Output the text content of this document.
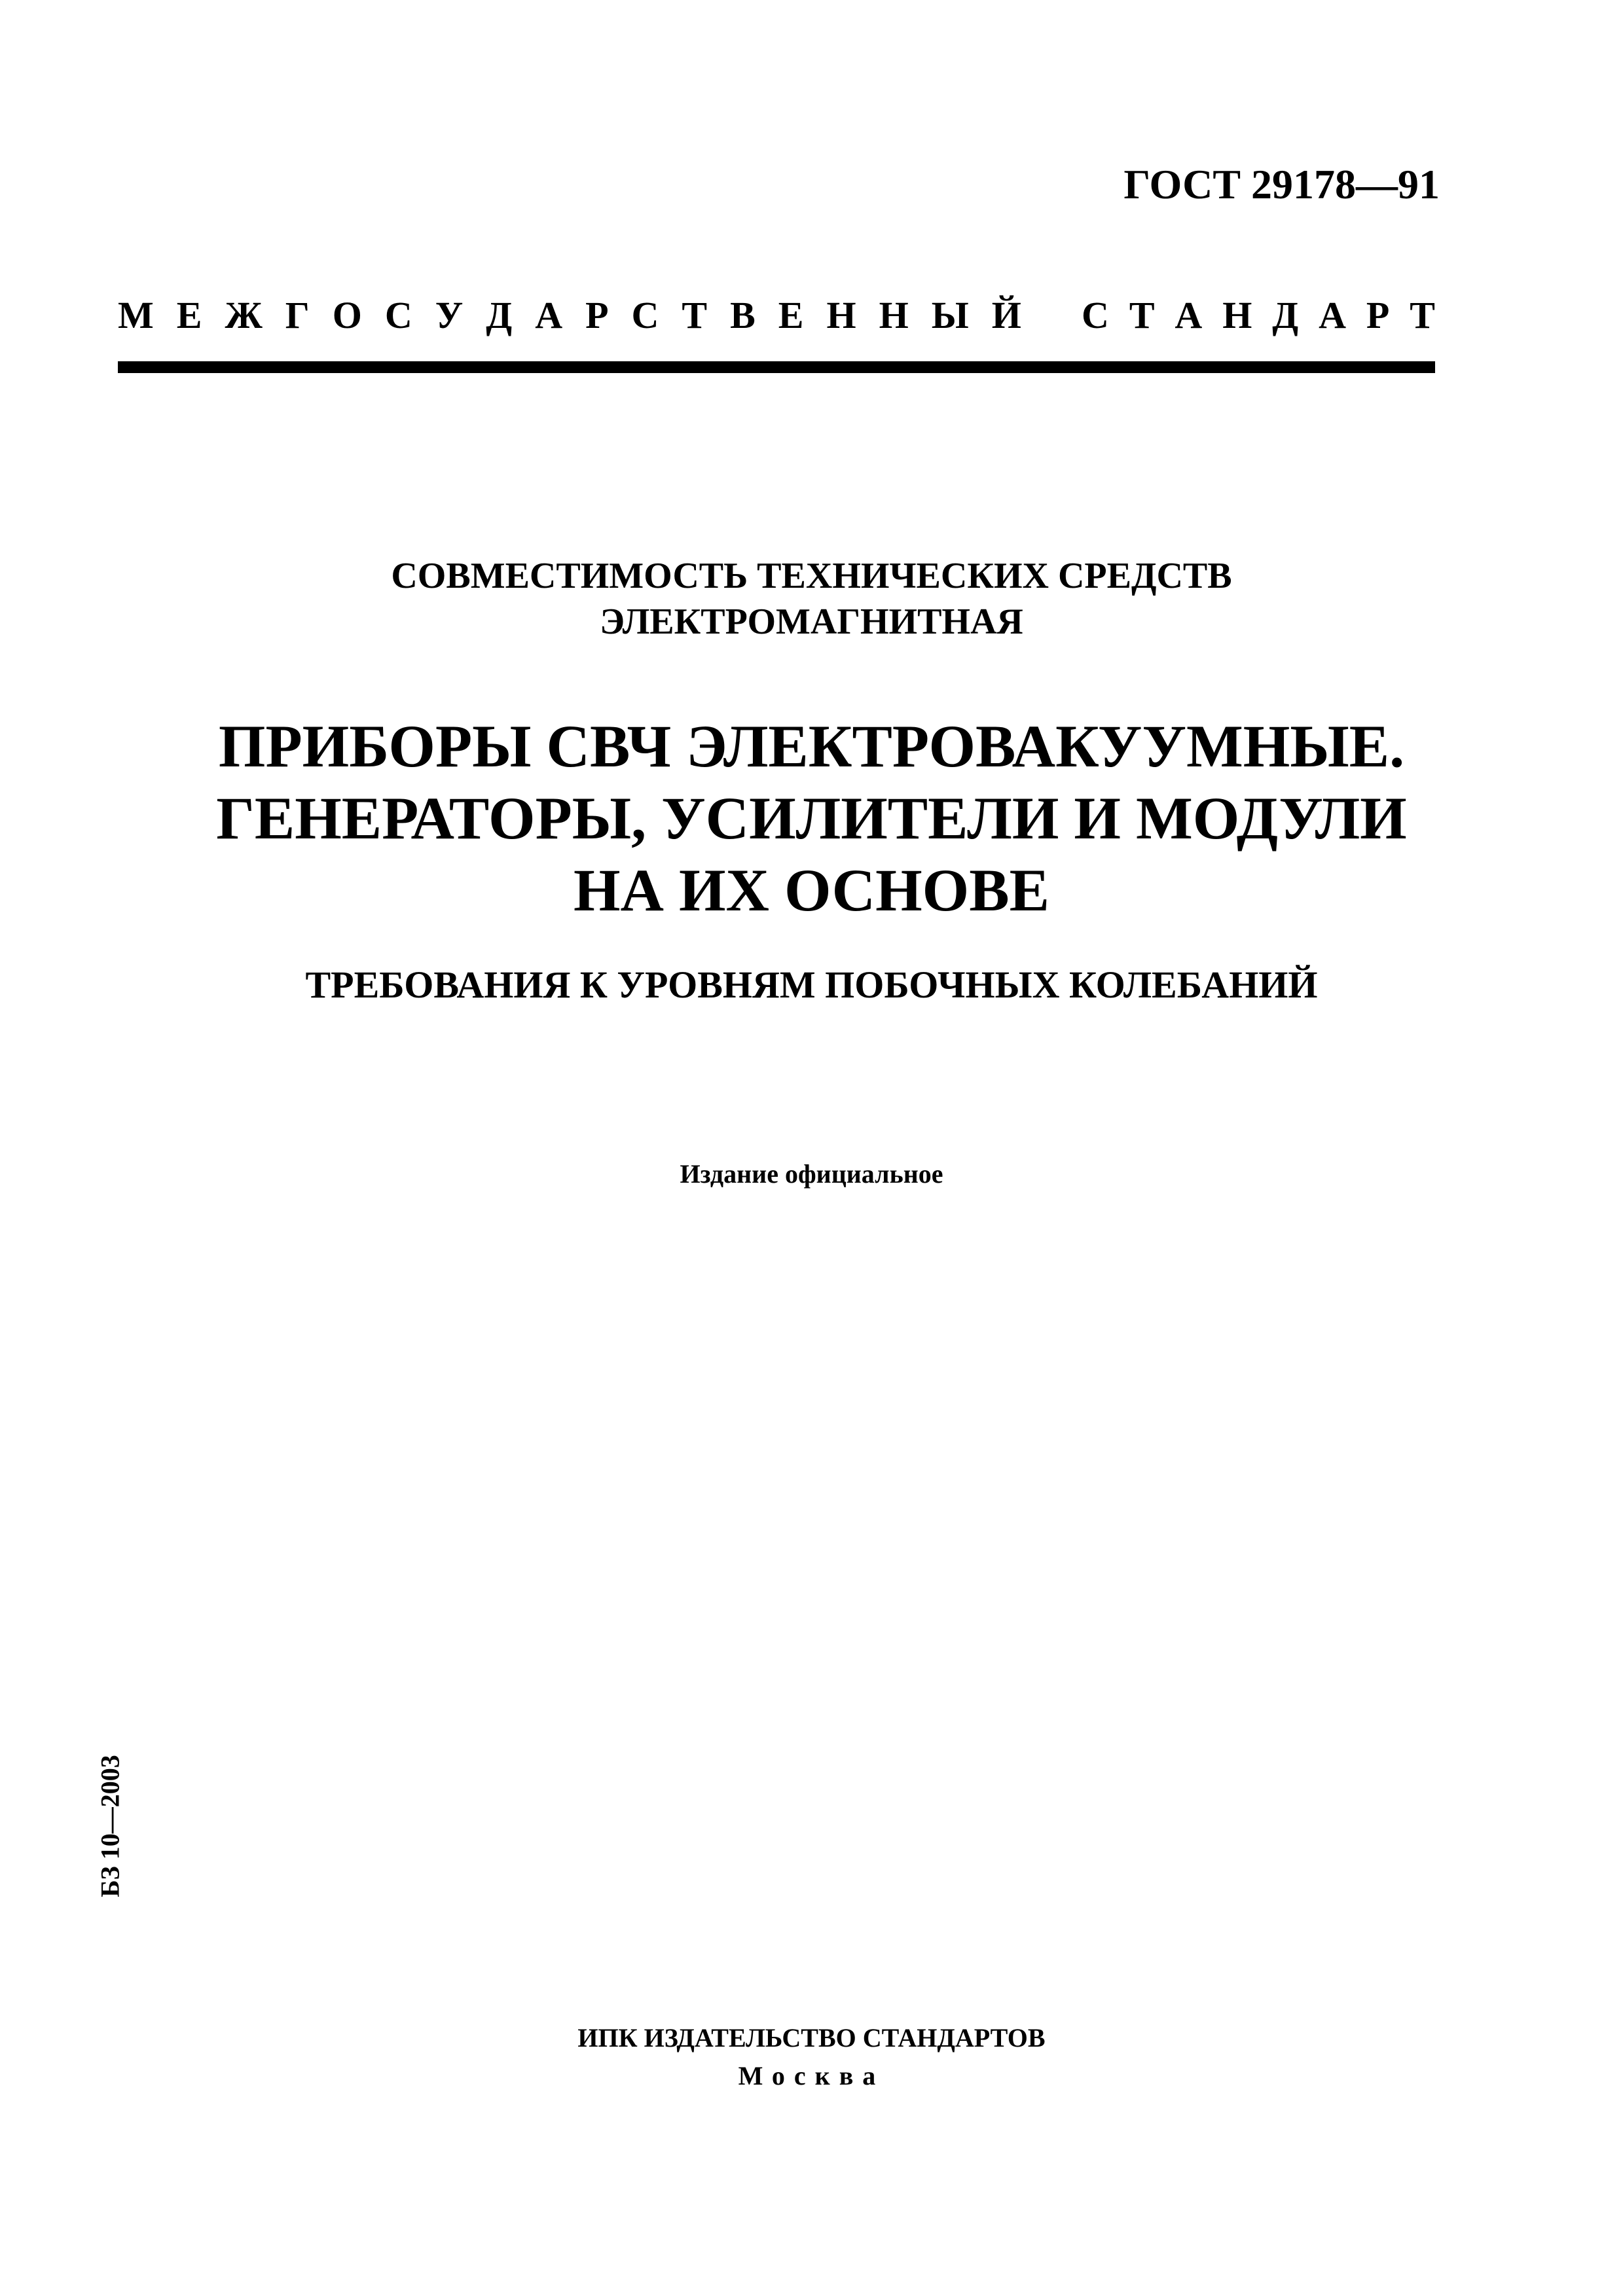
ГОСТ 29178—91
М Е Ж Г О С У Д А Р С Т В Е Н Н Ы Й С Т А Н Д А Р Т
СОВМЕСТИМОСТЬ ТЕХНИЧЕСКИХ СРЕДСТВ
ЭЛЕКТРОМАГНИТНАЯ
ПРИБОРЫ СВЧ ЭЛЕКТРОВАКУУМНЫЕ.
ГЕНЕРАТОРЫ, УСИЛИТЕЛИ И МОДУЛИ
НА ИХ ОСНОВЕ
ТРЕБОВАНИЯ К УРОВНЯМ ПОБОЧНЫХ КОЛЕБАНИЙ
Издание официальное
БЗ 10—2003
ИПК ИЗДАТЕЛЬСТВО СТАНДАРТОВ
Москва
